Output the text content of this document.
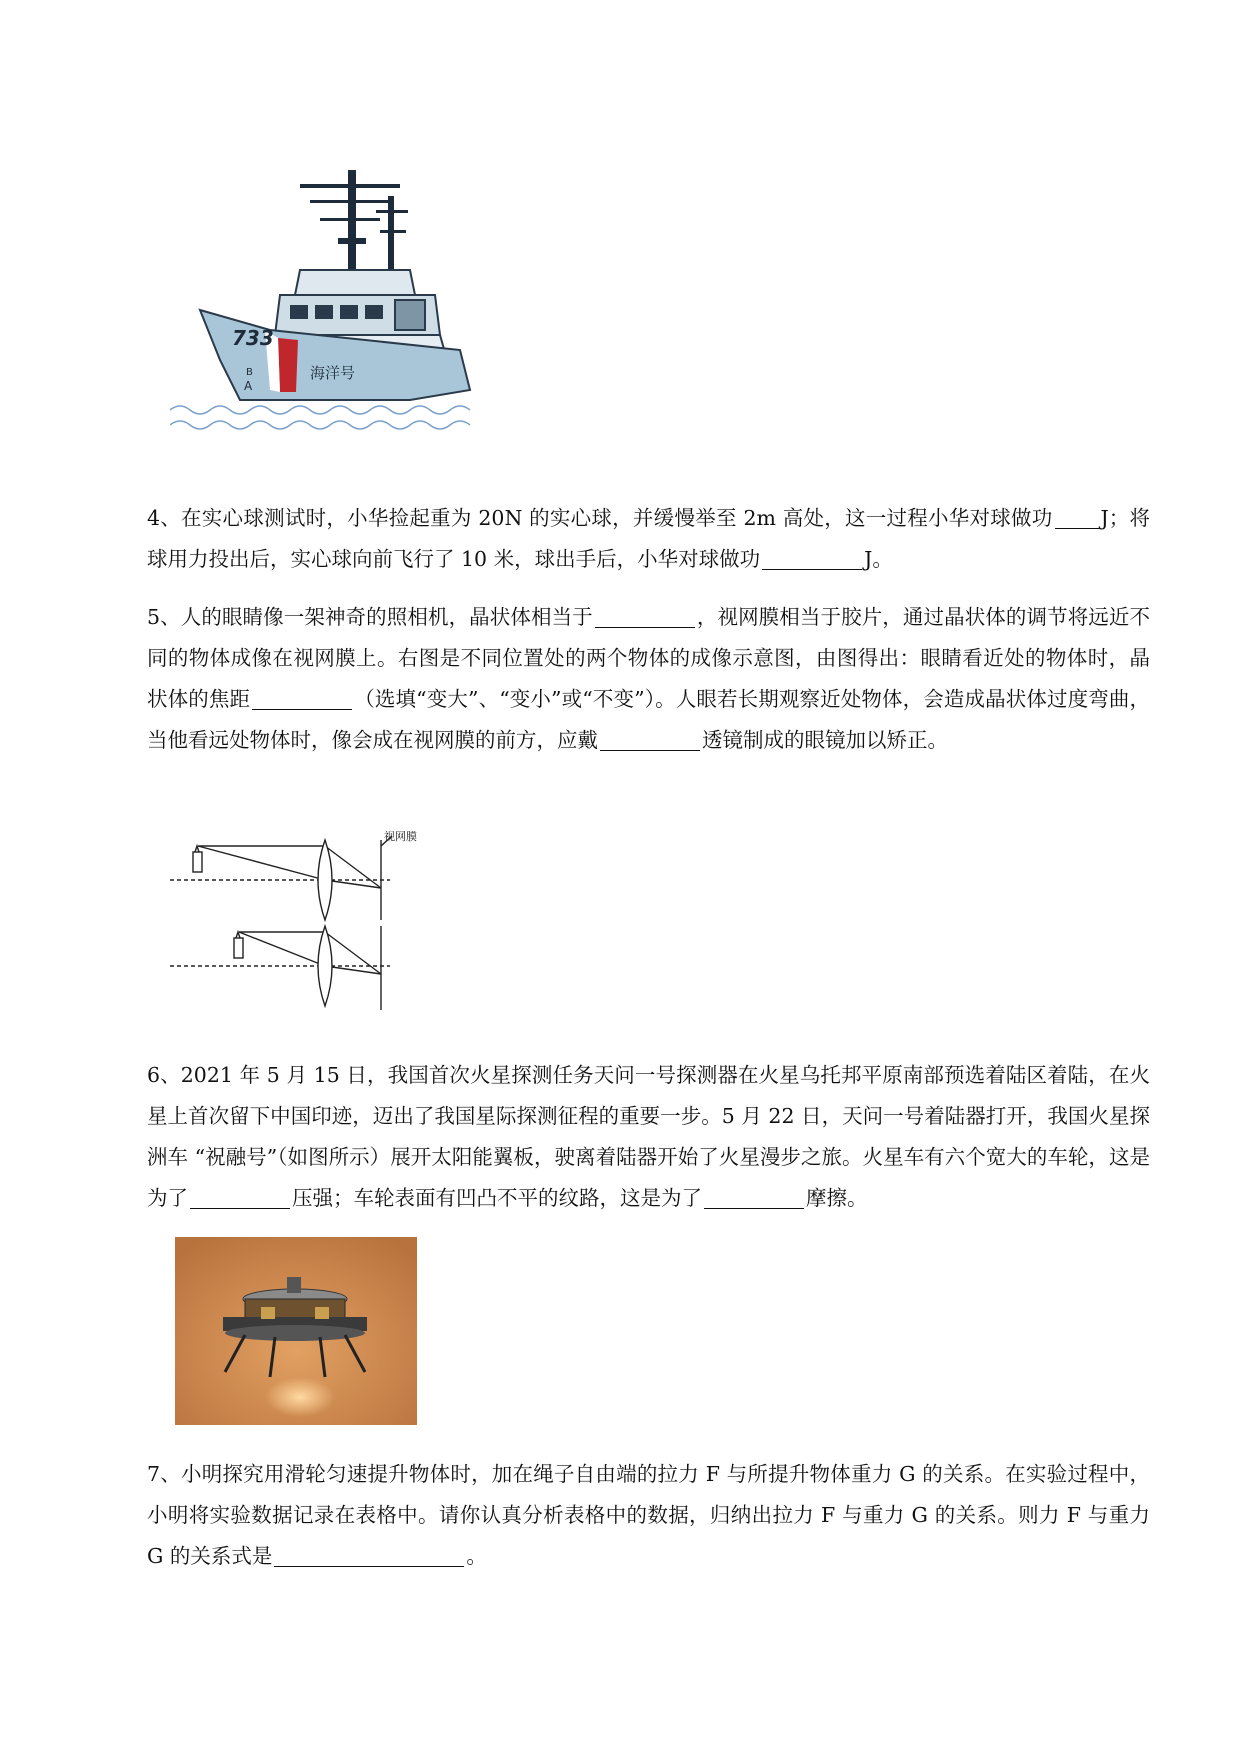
733
海洋号
B
A

4、在实心球测试时，小华捡起重为 20N 的实心球，并缓慢举至 2m 高处，这一过程小华对球做功 J；将球用力投出后，实心球向前飞行了 10 米，球出手后，小华对球做功	J。

5、人的眼睛像一架神奇的照相机，晶状体相当于	，视网膜相当于胶片，通过晶状体的调节将远近不同的物体成像在视网膜上。右图是不同位置处的两个物体的成像示意图，由图得出：眼睛看近处的物体时，晶状体的焦距	（选填“变大”、“变小”或“不变”）。人眼若长期观察近处物体，会造成晶状体过度弯曲，当他看远处物体时，像会成在视网膜的前方，应戴	透镜制成的眼镜加以矫正。

视网膜

6、2021 年 5 月 15 日，我国首次火星探测任务天问一号探测器在火星乌托邦平原南部预选着陆区着陆，在火星上首次留下中国印迹，迈出了我国星际探测征程的重要一步。5 月 22 日，天问一号着陆器打开，我国火星探洲车 “祝融号”（如图所示）展开太阳能翼板，驶离着陆器开始了火星漫步之旅。火星车有六个宽大的车轮，这是为了	压强；车轮表面有凹凸不平的纹路，这是为了	摩擦。

7、小明探究用滑轮匀速提升物体时，加在绳子自由端的拉力 F 与所提升物体重力 G 的关系。在实验过程中，小明将实验数据记录在表格中。请你认真分析表格中的数据，归纳出拉力 F 与重力 G 的关系。则力 F 与重力 G 的关系式是	。
